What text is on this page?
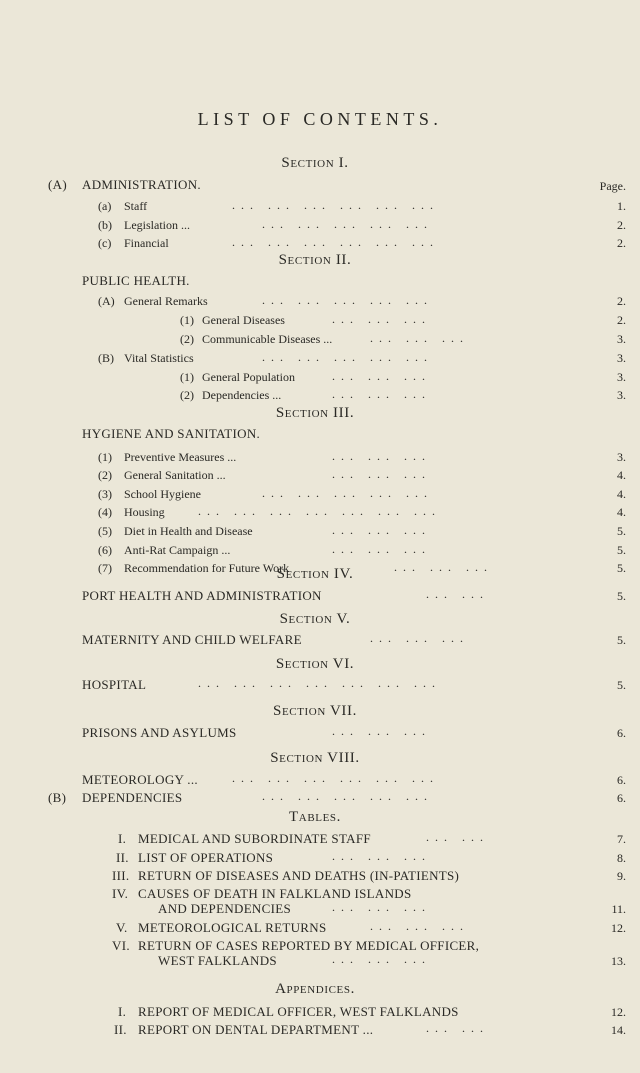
LIST OF CONTENTS.
Section I.
(A) ADMINISTRATION.	Page.
(a) Staff	... ... ... ... ... ...	1.
(b) Legislation ...	... ... ... ... ...	2.
(c) Financial	... ... ... ... ... ...	2.
Section II.
PUBLIC HEALTH.
(A) General Remarks	... ... ... ... ...	2.
(1) General Diseases	... ... ...	2.
(2) Communicable Diseases ...	... ... ...	3.
(B) Vital Statistics	... ... ... ... ...	3.
(1) General Population	... ... ...	3.
(2) Dependencies ...	... ... ...	3.
Section III.
HYGIENE AND SANITATION.
(1) Preventive Measures ...	... ... ...	3.
(2) General Sanitation ...	... ... ...	4.
(3) School Hygiene	... ... ... ... ...	4.
(4) Housing	... ... ... ... ... ... ...	4.
(5) Diet in Health and Disease	... ... ...	5.
(6) Anti-Rat Campaign ...	... ... ...	5.
(7) Recommendation for Future Work	... ... ...	5.
Section IV.
PORT HEALTH AND ADMINISTRATION	... ...	5.
Section V.
MATERNITY AND CHILD WELFARE	... ... ...	5.
Section VI.
HOSPITAL	... ... ... ... ... ... ...	5.
Section VII.
PRISONS AND ASYLUMS	... ... ...	6.
Section VIII.
METEOROLOGY ...	... ... ... ... ... ...	6.
(B) DEPENDENCIES	... ... ... ... ...	6.
Tables.
I. MEDICAL AND SUBORDINATE STAFF	... ...	7.
II. LIST OF OPERATIONS	... ... ...	8.
III. RETURN OF DISEASES AND DEATHS (IN-PATIENTS)	9.
IV. CAUSES OF DEATH IN FALKLAND ISLANDS
AND DEPENDENCIES	... ... ...	11.
V. METEOROLOGICAL RETURNS	... ... ...	12.
VI. RETURN OF CASES REPORTED BY MEDICAL OFFICER,
WEST FALKLANDS	... ... ...	13.
Appendices.
I. REPORT OF MEDICAL OFFICER, WEST FALKLANDS	12.
II. REPORT ON DENTAL DEPARTMENT ...	... ...	14.
